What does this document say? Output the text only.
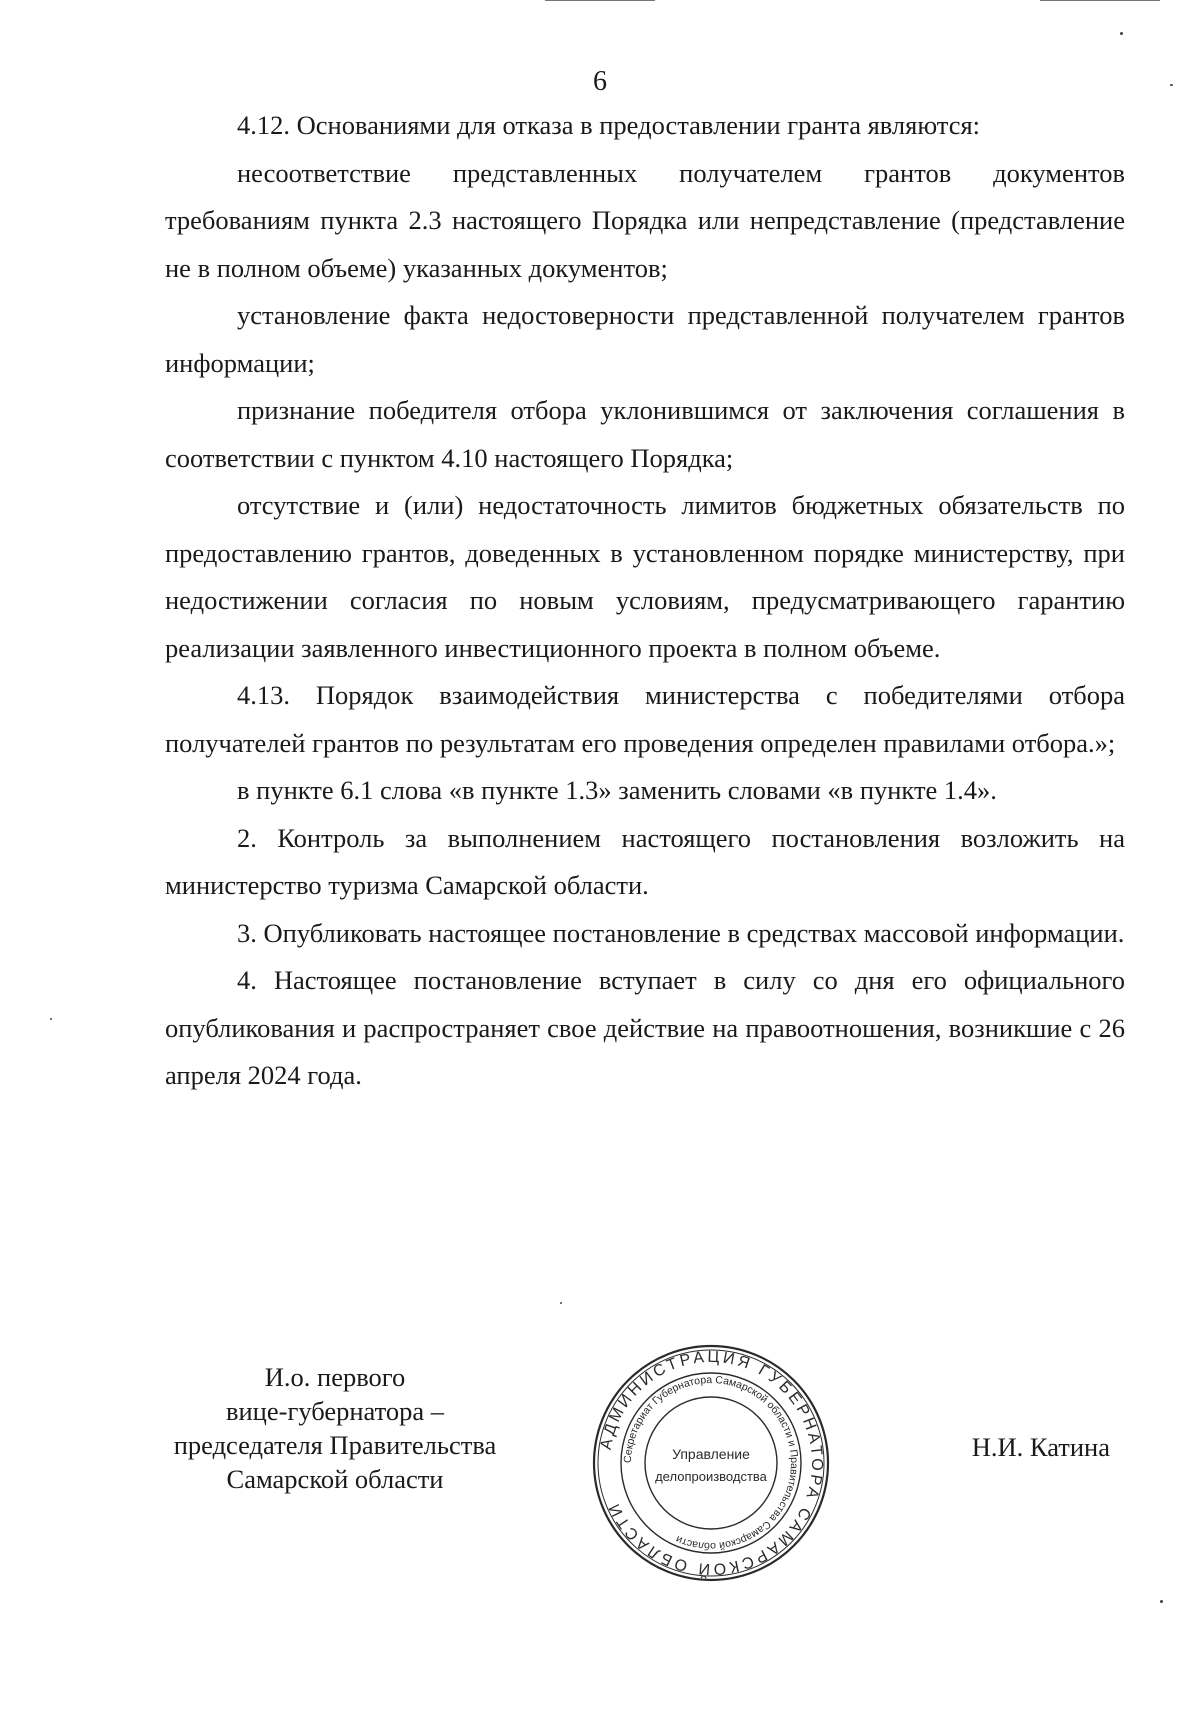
6

4.12. Основаниями для отказа в предоставлении гранта являются:

несоответствие представленных получателем грантов документов требованиям пункта 2.3 настоящего Порядка или непредставление (представление не в полном объеме) указанных документов;

установление факта недостоверности представленной получателем грантов информации;

признание победителя отбора уклонившимся от заключения соглашения в соответствии с пунктом 4.10 настоящего Порядка;

отсутствие и (или) недостаточность лимитов бюджетных обязательств по предоставлению грантов, доведенных в установленном порядке министерству, при недостижении согласия по новым условиям, предусматривающего гарантию реализации заявленного инвестиционного проекта в полном объеме.

4.13. Порядок взаимодействия министерства с победителями отбора получателей грантов по результатам его проведения определен правилами отбора.»;

в пункте 6.1 слова «в пункте 1.3» заменить словами «в пункте 1.4».

2. Контроль за выполнением настоящего постановления возложить на министерство туризма Самарской области.

3. Опубликовать настоящее постановление в средствах массовой информации.

4. Настоящее постановление вступает в силу со дня его официального опубликования и распространяет свое действие на правоотношения, возникшие с 26 апреля 2024 года.

И.о. первого
вице-губернатора –
председателя Правительства
Самарской области
Н.И. Катина
АДМИНИСТРАЦИЯ ГУБЕРНАТОРА САМАРСКОЙ ОБЛАСТИ
Секретариат Губернатора Самарской области и Правительства Самарской области
Управление
делопроизводства
